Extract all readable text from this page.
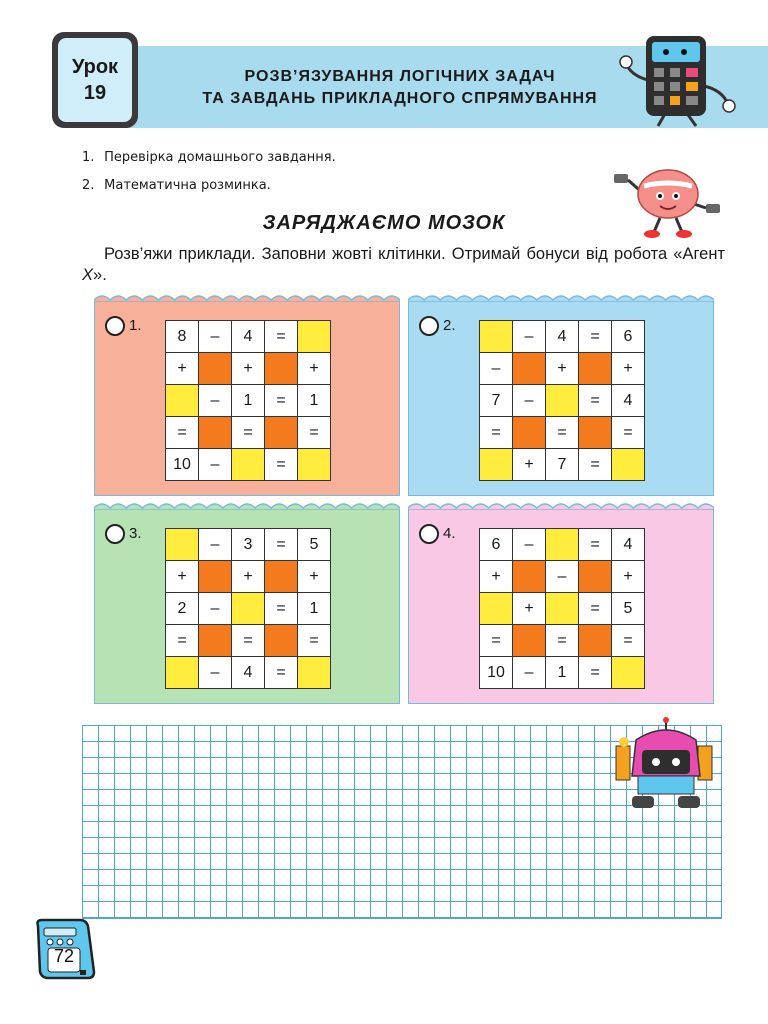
Урок
19
РОЗВ’ЯЗУВАННЯ ЛОГІЧНИХ ЗАДАЧ
ТА ЗАВДАНЬ ПРИКЛАДНОГО СПРЯМУВАННЯ
1. Перевірка домашнього завдання.
2. Математична розминка.
ЗАРЯДЖАЄМО МОЗОК
Розв’яжи приклади. Заповни жовті клітинки. Отримай бонуси від робота «Агент X».
1.
8	–	4	=	
+		+		+
	–	1	=	1
=		=		=
10	–		=	
2.
	–	4	=	6
–		+		+
7	–		=	4
=		=		=
	+	7	=	
3.
	–	3	=	5
+		+		+
2	–		=	1
=		=		=
	–	4	=	
4.
6	–		=	4
+		–		+
	+		=	5
=		=		=
10	–	1	=	
72
